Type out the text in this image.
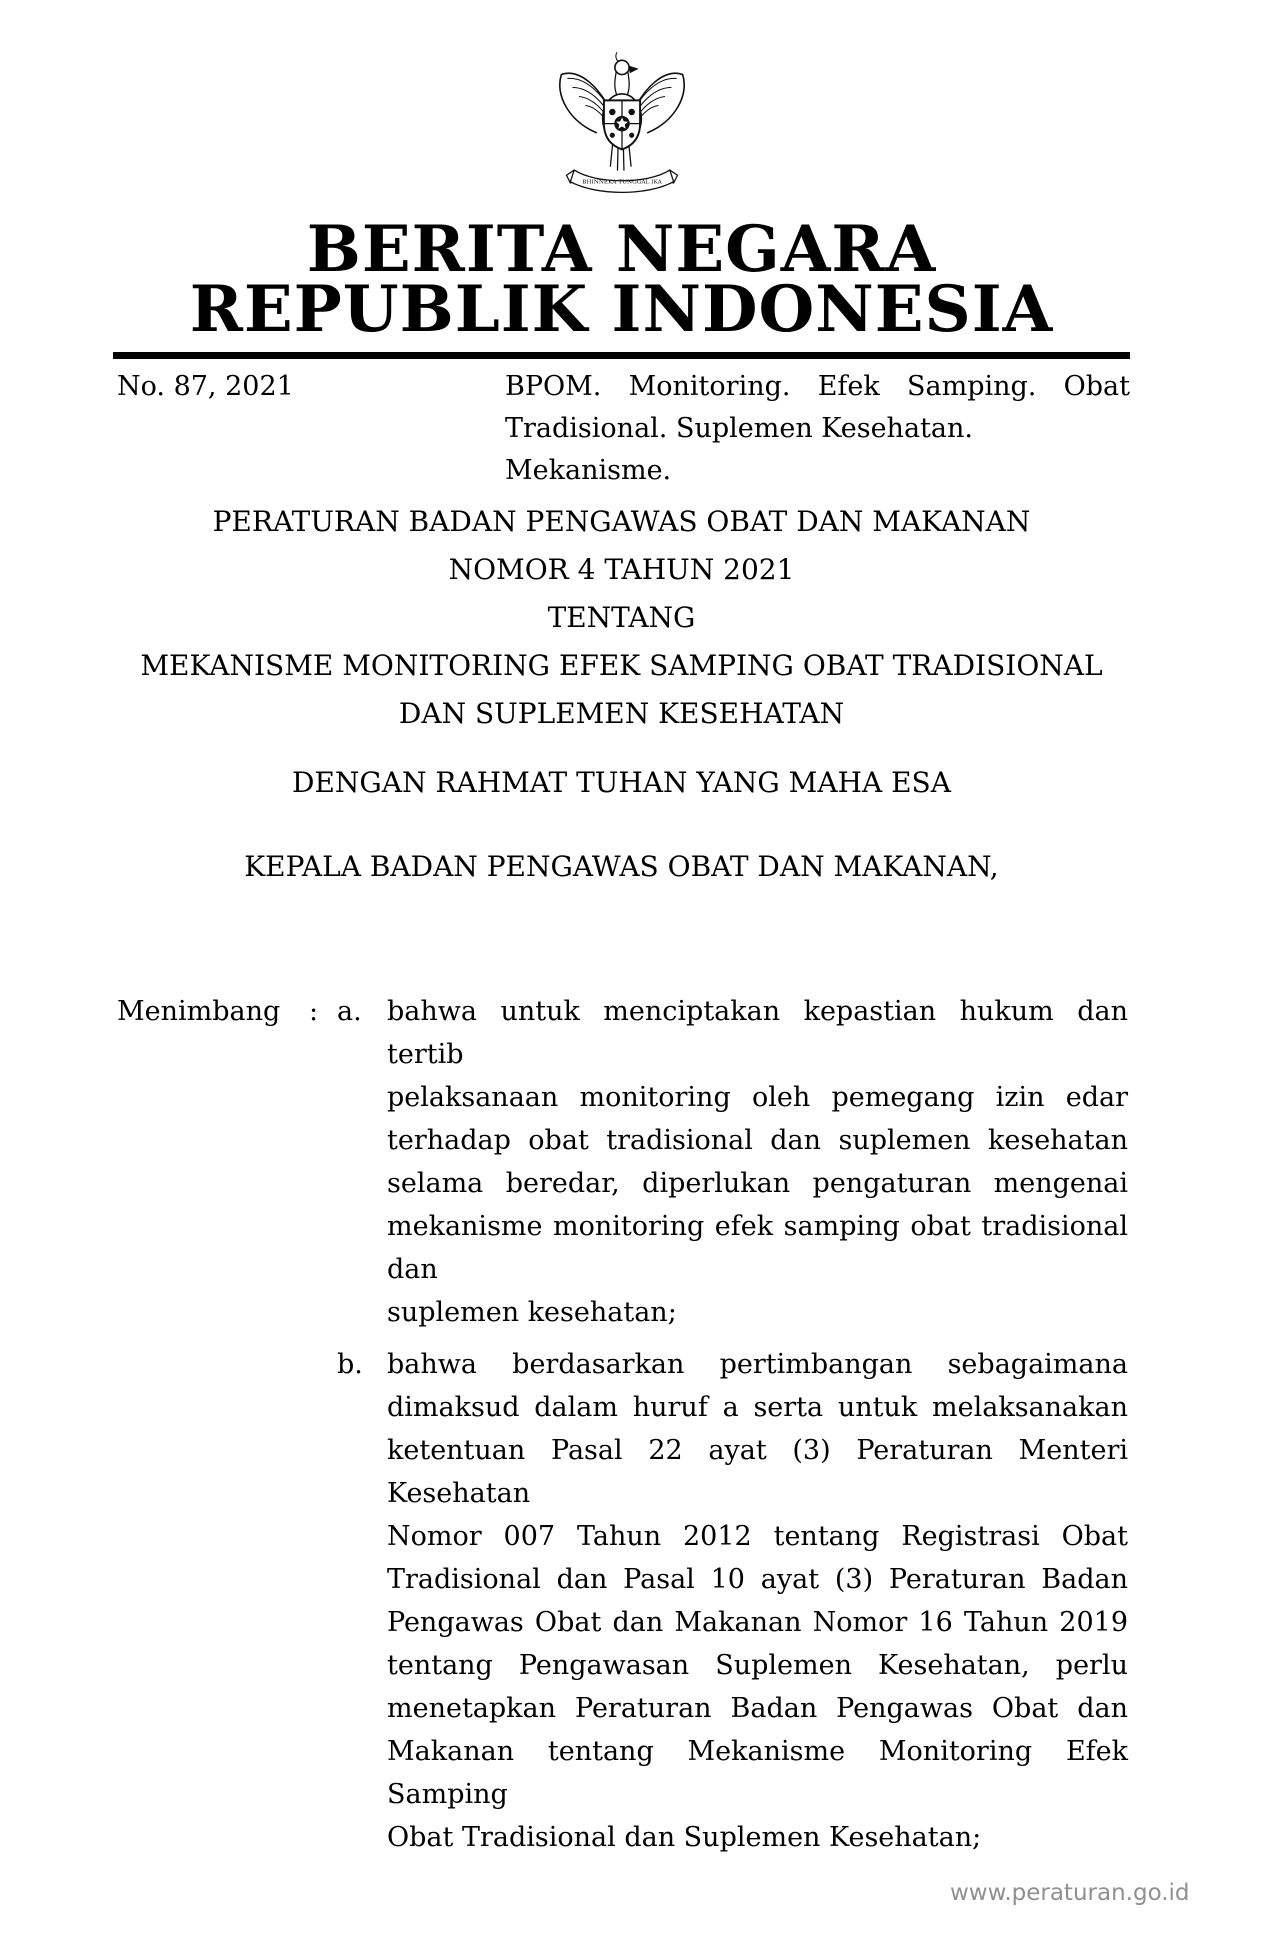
BHINNEKA TUNGGAL IKA
BERITA NEGARA
REPUBLIK INDONESIA
No. 87, 2021	BPOM. Monitoring. Efek Samping. Obat
Tradisional. Suplemen Kesehatan. Mekanisme.
PERATURAN BADAN PENGAWAS OBAT DAN MAKANAN
NOMOR 4 TAHUN 2021
TENTANG
MEKANISME MONITORING EFEK SAMPING OBAT TRADISIONAL
DAN SUPLEMEN KESEHATAN
DENGAN RAHMAT TUHAN YANG MAHA ESA
KEPALA BADAN PENGAWAS OBAT DAN MAKANAN,
Menimbang : a. bahwa untuk menciptakan kepastian hukum dan tertib
pelaksanaan monitoring oleh pemegang izin edar
terhadap obat tradisional dan suplemen kesehatan
selama beredar, diperlukan pengaturan mengenai
mekanisme monitoring efek samping obat tradisional dan
suplemen kesehatan;
b. bahwa berdasarkan pertimbangan sebagaimana
dimaksud dalam huruf a serta untuk melaksanakan
ketentuan Pasal 22 ayat (3) Peraturan Menteri Kesehatan
Nomor 007 Tahun 2012 tentang Registrasi Obat
Tradisional dan Pasal 10 ayat (3) Peraturan Badan
Pengawas Obat dan Makanan Nomor 16 Tahun 2019
tentang Pengawasan Suplemen Kesehatan, perlu
menetapkan Peraturan Badan Pengawas Obat dan
Makanan tentang Mekanisme Monitoring Efek Samping
Obat Tradisional dan Suplemen Kesehatan;
www.peraturan.go.id
